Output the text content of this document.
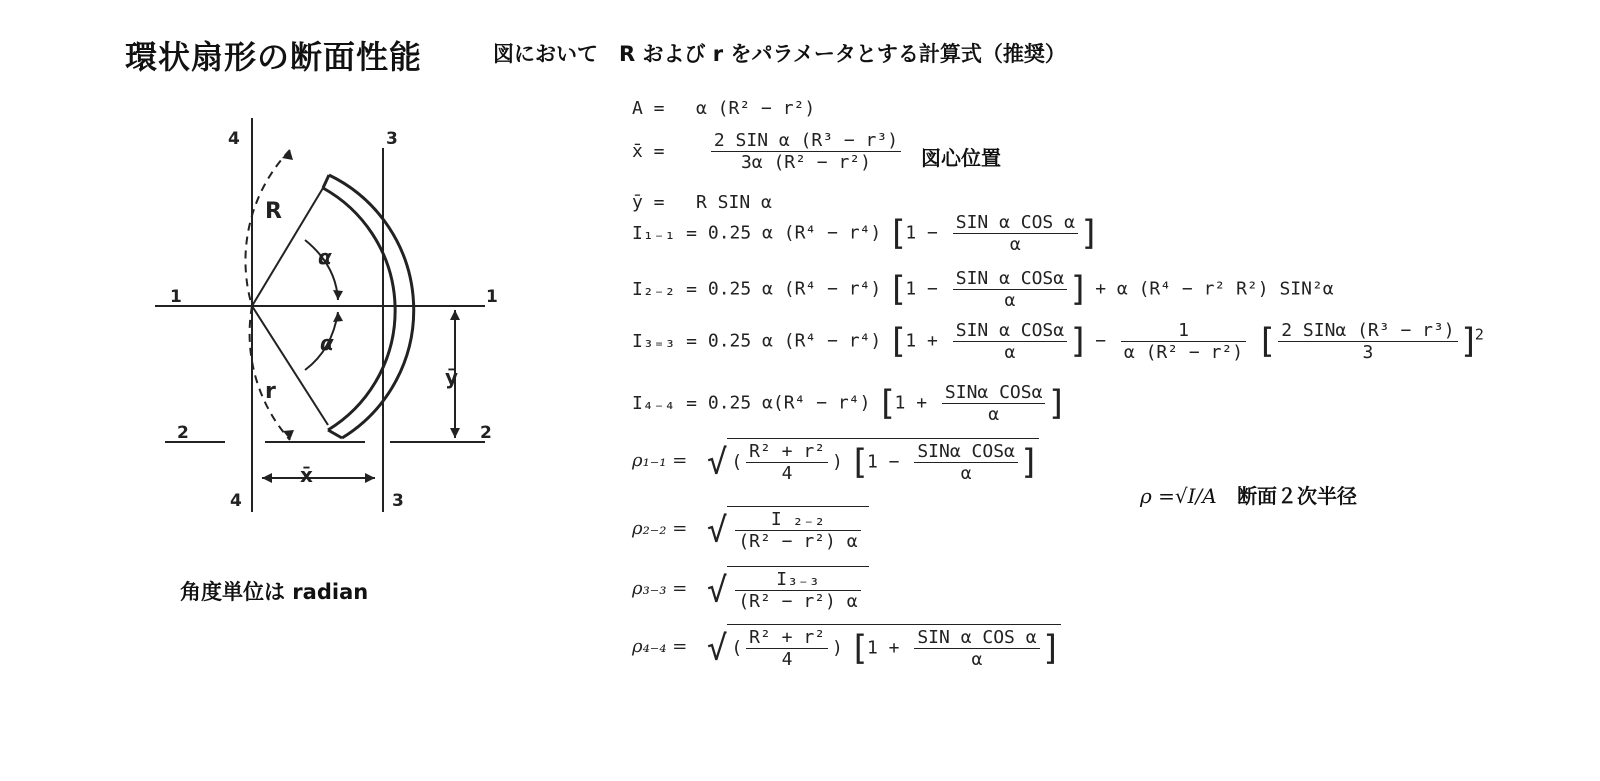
環状扇形の断面性能	図において　R および r をパラメータとする計算式（推奨）
1	1
2	2
3
3
4
4
R
r
α
α
x̄
ȳ
角度単位は radian
A = α (R² − r²)
x̄ =	$\frac{\text{2 SIN α (R³ − r³)}}{\text{3α (R² − r²)}}$
ȳ = R SIN α
I₁₋₁ = 0.25 α (R⁴ − r⁴) [$1 - \frac{\text{SIN α COS α}}{\alpha}$ ]
I₂₋₂ = 0.25 α (R⁴ − r⁴) [$1 - \frac{\text{SIN α COSα}}{\alpha}$ ] + α (R⁴ − r² R²) SIN²α
I₃₌₃ = 0.25 α (R⁴ − r⁴) [$1 + \frac{\text{SIN α COSα}}{\alpha}$ ] − $\frac{1}{\text{α (R² − r²)}}$ [ $\frac{\text{2 SINα (R³ − r³)}}{3} ]^2$
I₄₋₄ = 0.25 α(R⁴ − r⁴) [$1 + \frac{\text{SINα COSα}}{\alpha}$ ]
ρ₁₋₁ = √( $\frac{\text{R² + r²}}{4}$ ) [$1 - \frac{\text{SINα COSα}}{\alpha}$ ]
ρ₂₋₂ = √ $\frac{\text{I ₂₋₂}}{\text{(R² − r²) α}}$
ρ₃₋₃ = √ $\frac{\text{I₃₋₃}}{\text{(R² − r²) α}}$
ρ₄₋₄ = √( $\frac{\text{R² + r²}}{4}$ ) [$1 + \frac{\text{SIN α COS α}}{\alpha}$ ]
図心位置
ρ =√I/A 断面２次半径
